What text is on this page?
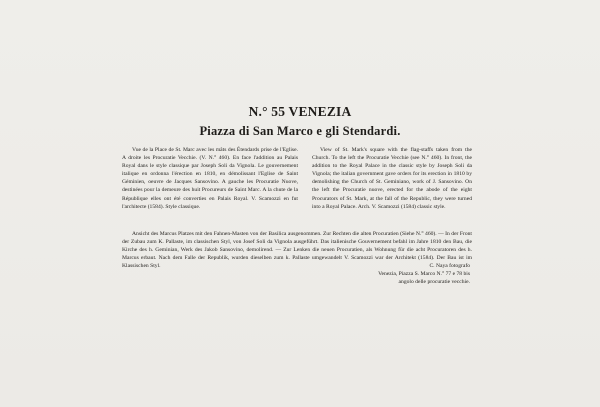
N.° 55 VENEZIA
Piazza di San Marco e gli Stendardi.
Vue de la Place de St. Marc avec les mâts des Étendards prise de l'Eglise. A droite les Procuratie Vecchie. (V. N.° 460). En face l'addition au Palais Royal dans le style classique par Joseph Soli da Vignola. Le gouvernement italique en ordonna l'érection en 1810, en démolissant l'Eglise de Saint Géminien, oeuvre de Jacques Sansovino. A gauche les Procuratie Nuove, destinées pour la demeure des huit Procureurs de Saint Marc. A la chute de la République elles ont été converties en Palais Royal. V. Scamozzi en fut l'architecte (1584). Style classique.
View of St. Mark's square with the flag-staffs taken from the Church. To the left the Procuratie Vecchie (see N.° 460). In front, the addition to the Royal Palace in the classic style by Joseph Soli da Vignola; the italian government gave orders for its erection in 1810 by demolishing the Church of St. Geminiano, work of J. Sansovino. On the left the Procuratie nuove, erected for the abode of the eight Procurators of St. Mark, at the fall of the Republic, they were turned into a Royal Palace. Arch. V. Scamozzi (1584) classic style.
Ansicht des Marcus Platzes mit den Fahnen-Masten von der Basilica ausgenommen. Zur Rechten die alten Procuratien (Siehe N.° 460). — In der Front der Zubau zum K. Pallaste, im classischen Styl, von Josef Soli da Vignola ausgeführt. Das italienische Gouvernement befahl im Jahre 1810 den Bau, die Kirche des h. Geminian, Werk des Jakob Sansovino, demolirend. — Zur Lenken die neuen Procuratien, als Wohnung für die acht Procuratoren des h. Marcus erbaut. Nach dem Falle der Republik, wurden dieselben zum k. Pallaste umgewandelt V. Scamozzi war der Architekt (1584). Der Bau ist im Klassischen Styl.	C. Naya fotografo
Venezia, Piazza S. Marco N.° 77 e 78 bis
angolo delle procuratie vecchie.
